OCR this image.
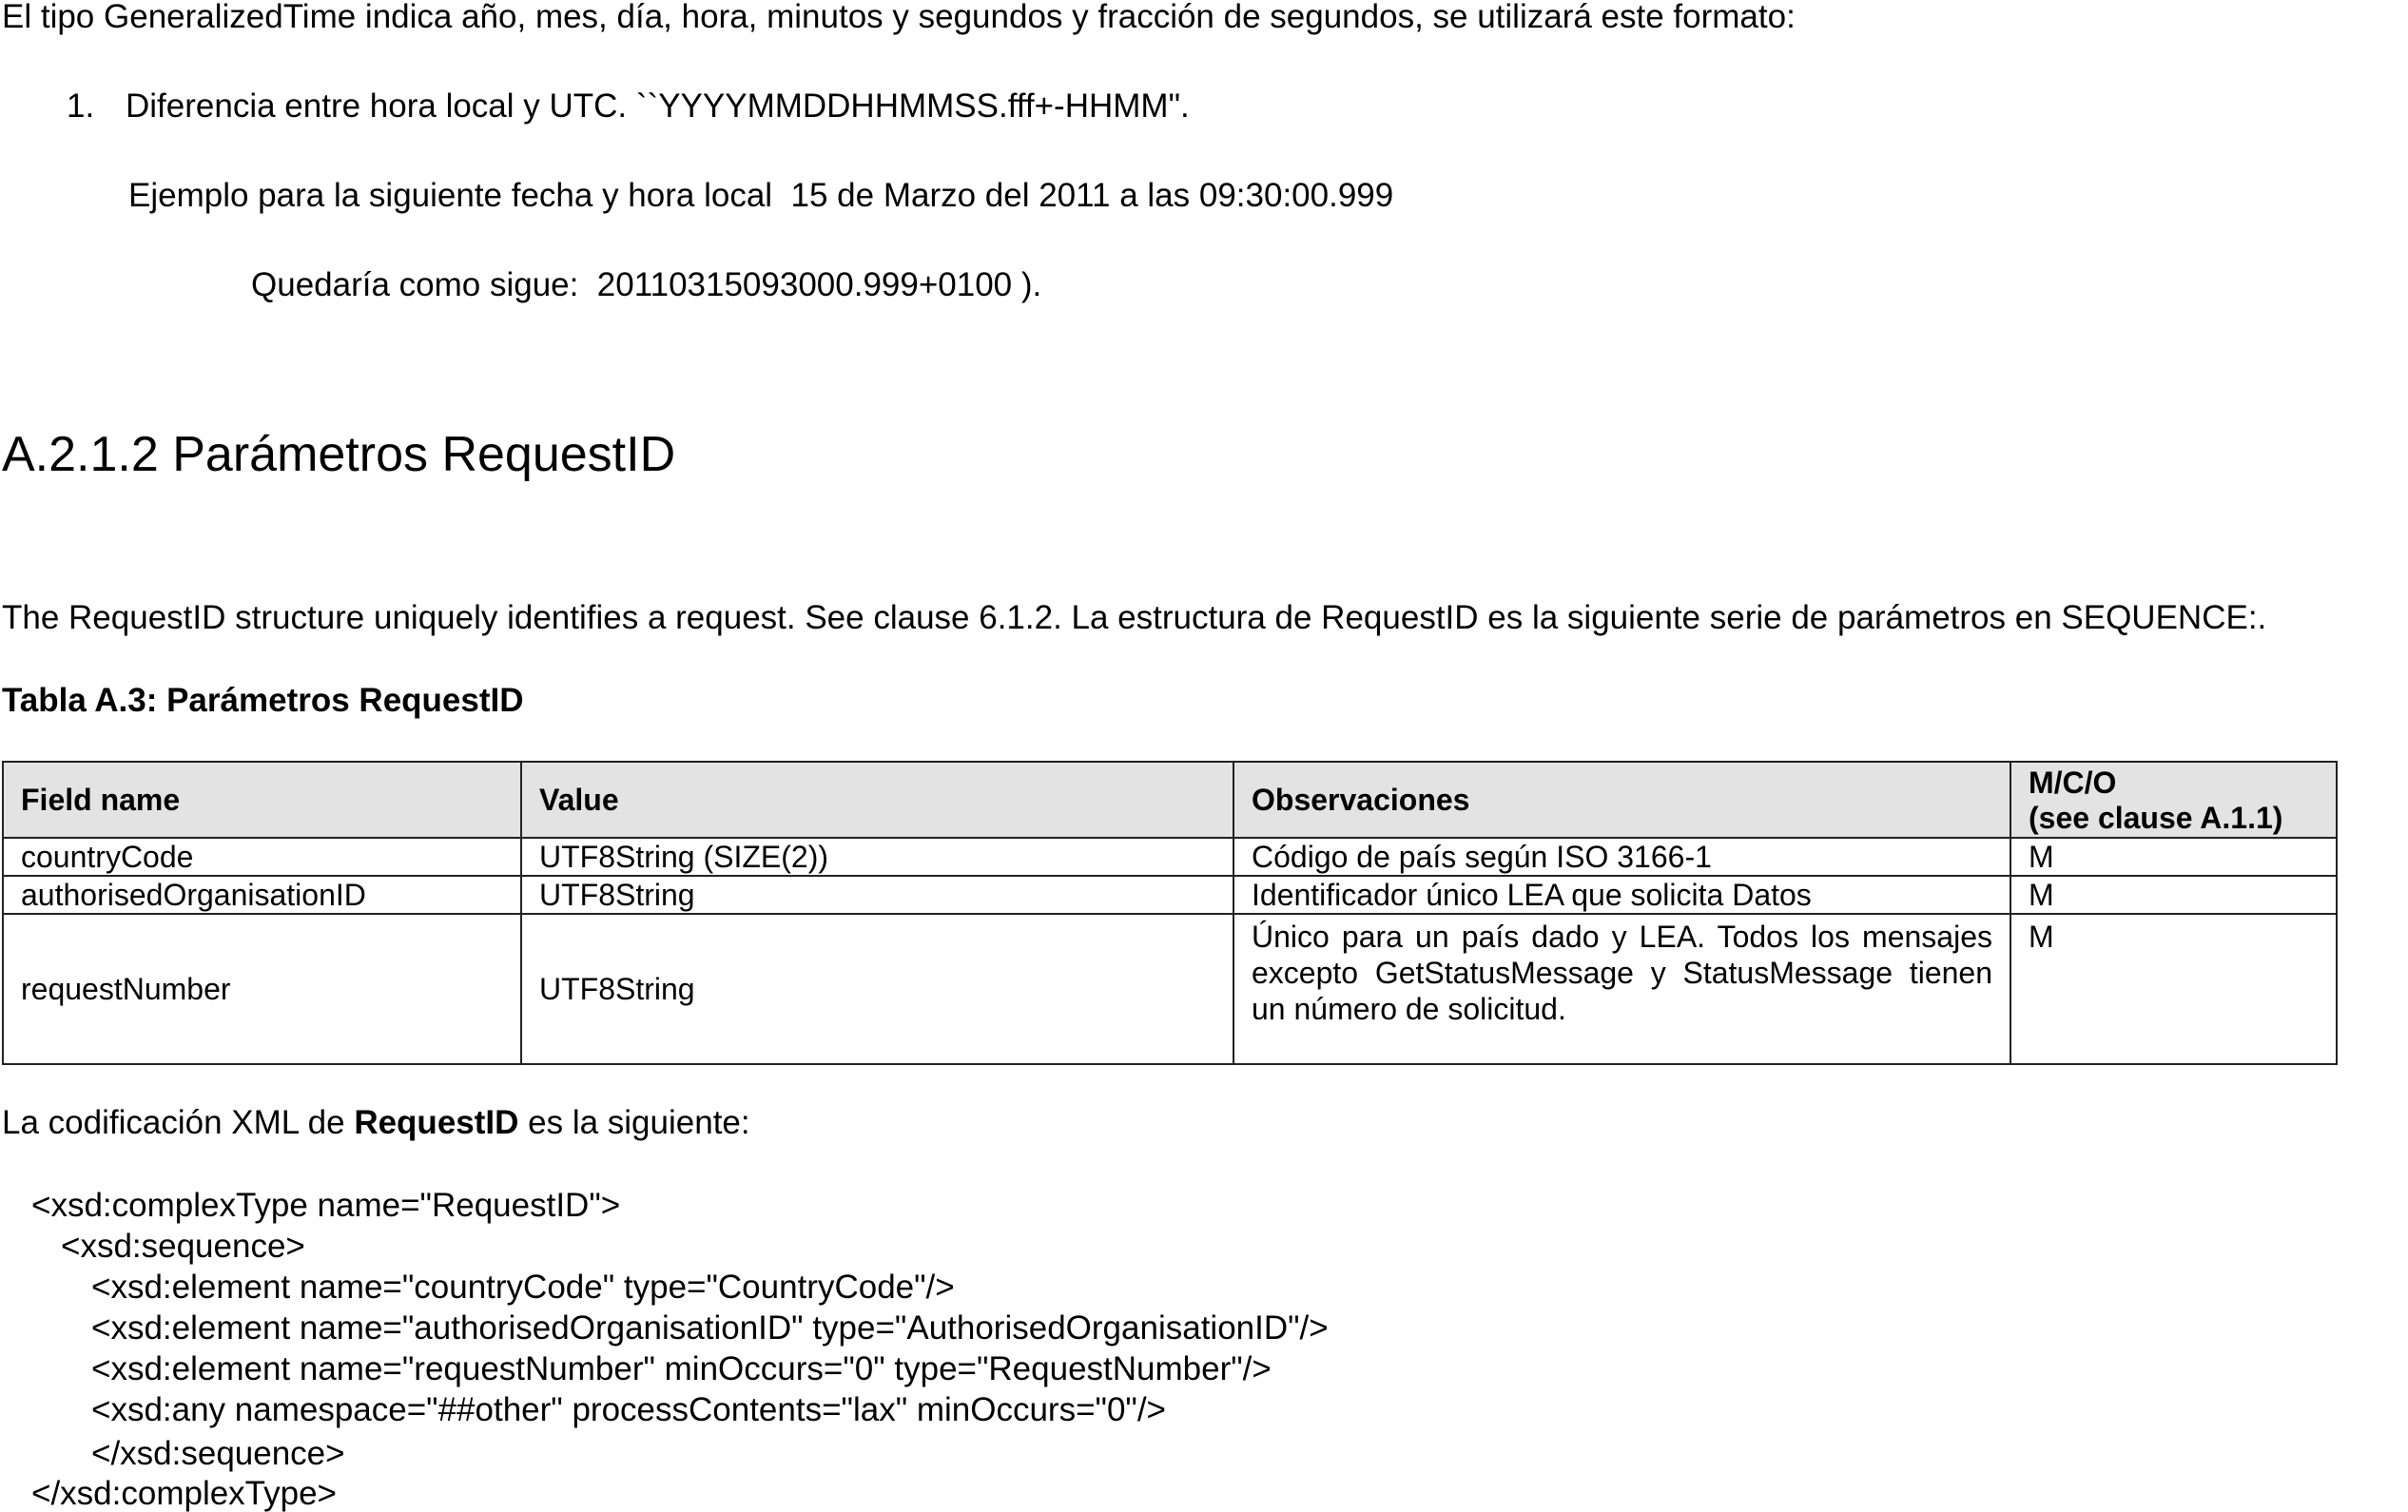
El tipo GeneralizedTime indica año, mes, día, hora, minutos y segundos y fracción de segundos, se utilizará este formato:

1. Diferencia entre hora local y UTC. ``YYYYMMDDHHMMSS.fff+-HHMM".

Ejemplo para la siguiente fecha y hora local  15 de Marzo del 2011 a las 09:30:00.999

Quedaría como sigue:  20110315093000.999+0100 ).

A.2.1.2 Parámetros RequestID

The RequestID structure uniquely identifies a request. See clause 6.1.2. La estructura de RequestID es la siguiente serie de parámetros en SEQUENCE:.

Tabla A.3: Parámetros RequestID

Field name	Value	Observaciones	M/C/O
(see clause A.1.1)
countryCode	UTF8String (SIZE(2))	Código de país según ISO 3166-1	M
authorisedOrganisationID	UTF8String	Identificador único LEA que solicita Datos	M
requestNumber	UTF8String	Único para un país dado y LEA. Todos los mensajes excepto GetStatusMessage y StatusMessage tienen un número de solicitud.	M

La codificación XML de RequestID es la siguiente:

<xsd:complexType name="RequestID">

<xsd:sequence>

<xsd:element name="countryCode" type="CountryCode"/>

<xsd:element name="authorisedOrganisationID" type="AuthorisedOrganisationID"/>

<xsd:element name="requestNumber" minOccurs="0" type="RequestNumber"/>

<xsd:any namespace="##other" processContents="lax" minOccurs="0"/>

</xsd:sequence>

</xsd:complexType>
